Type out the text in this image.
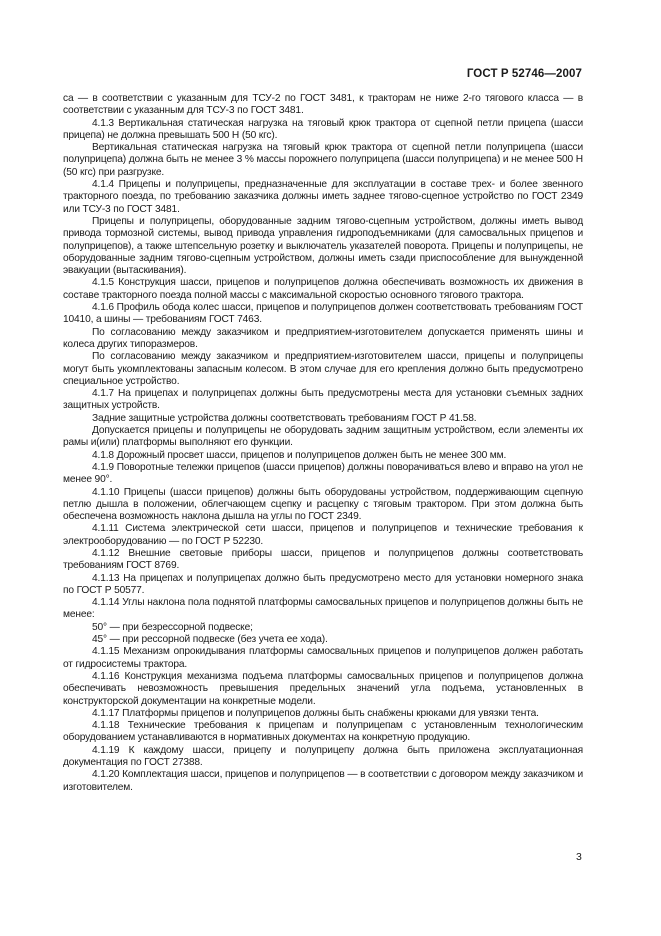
ГОСТ Р 52746—2007

са — в соответствии с указанным для ТСУ-2 по ГОСТ 3481, к тракторам не ниже 2-го тягового класса — в соответствии с указанным для ТСУ-3 по ГОСТ 3481.

4.1.3 Вертикальная статическая нагрузка на тяговый крюк трактора от сцепной петли прицепа (шасси прицепа) не должна превышать 500 Н (50 кгс).

Вертикальная статическая нагрузка на тяговый крюк трактора от сцепной петли полуприцепа (шасси полуприцепа) должна быть не менее 3 % массы порожнего полуприцепа (шасси полуприцепа) и не менее 500 Н (50 кгс) при разгрузке.

4.1.4 Прицепы и полуприцепы, предназначенные для эксплуатации в составе трех- и более звенного тракторного поезда, по требованию заказчика должны иметь заднее тягово-сцепное устройство по ГОСТ 2349 или ТСУ-3 по ГОСТ 3481.

Прицепы и полуприцепы, оборудованные задним тягово-сцепным устройством, должны иметь вывод привода тормозной системы, вывод привода управления гидроподъемниками (для самосвальных прицепов и полуприцепов), а также штепсельную розетку и выключатель указателей поворота. Прицепы и полуприцепы, не оборудованные задним тягово-сцепным устройством, должны иметь сзади приспособление для вынужденной эвакуации (вытаскивания).

4.1.5 Конструкция шасси, прицепов и полуприцепов должна обеспечивать возможность их движения в составе тракторного поезда полной массы с максимальной скоростью основного тягового трактора.

4.1.6 Профиль обода колес шасси, прицепов и полуприцепов должен соответствовать требованиям ГОСТ 10410, а шины — требованиям ГОСТ 7463.

По согласованию между заказчиком и предприятием-изготовителем допускается применять шины и колеса других типоразмеров.

По согласованию между заказчиком и предприятием-изготовителем шасси, прицепы и полуприцепы могут быть укомплектованы запасным колесом. В этом случае для его крепления должно быть предусмотрено специальное устройство.

4.1.7 На прицепах и полуприцепах должны быть предусмотрены места для установки съемных задних защитных устройств.

Задние защитные устройства должны соответствовать требованиям ГОСТ Р 41.58.

Допускается прицепы и полуприцепы не оборудовать задним защитным устройством, если элементы их рамы и(или) платформы выполняют его функции.

4.1.8 Дорожный просвет шасси, прицепов и полуприцепов должен быть не менее 300 мм.

4.1.9 Поворотные тележки прицепов (шасси прицепов) должны поворачиваться влево и вправо на угол не менее 90°.

4.1.10 Прицепы (шасси прицепов) должны быть оборудованы устройством, поддерживающим сцепную петлю дышла в положении, облегчающем сцепку и расцепку с тяговым трактором. При этом должна быть обеспечена возможность наклона дышла на углы по ГОСТ 2349.

4.1.11 Система электрической сети шасси, прицепов и полуприцепов и технические требования к электрооборудованию — по ГОСТ Р 52230.

4.1.12 Внешние световые приборы шасси, прицепов и полуприцепов должны соответствовать требованиям ГОСТ 8769.

4.1.13 На прицепах и полуприцепах должно быть предусмотрено место для установки номерного знака по ГОСТ Р 50577.

4.1.14 Углы наклона пола поднятой платформы самосвальных прицепов и полуприцепов должны быть не менее:

50° — при безрессорной подвеске;

45° — при рессорной подвеске (без учета ее хода).

4.1.15 Механизм опрокидывания платформы самосвальных прицепов и полуприцепов должен работать от гидросистемы трактора.

4.1.16 Конструкция механизма подъема платформы самосвальных прицепов и полуприцепов должна обеспечивать невозможность превышения предельных значений угла подъема, установленных в конструкторской документации на конкретные модели.

4.1.17 Платформы прицепов и полуприцепов должны быть снабжены крюками для увязки тента.

4.1.18 Технические требования к прицепам и полуприцепам с установленным технологическим оборудованием устанавливаются в нормативных документах на конкретную продукцию.

4.1.19 К каждому шасси, прицепу и полуприцепу должна быть приложена эксплуатационная документация по ГОСТ 27388.

4.1.20 Комплектация шасси, прицепов и полуприцепов — в соответствии с договором между заказчиком и изготовителем.

3
